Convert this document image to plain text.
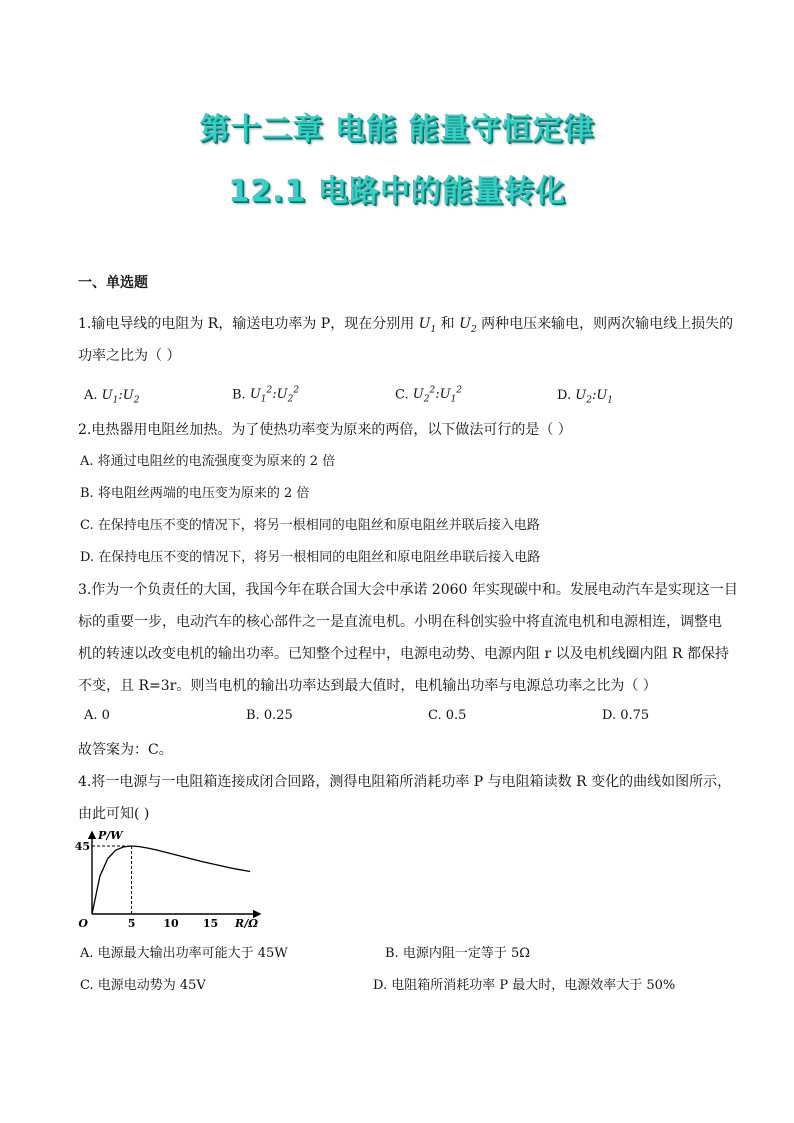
第十二章 电能 能量守恒定律
12.1 电路中的能量转化
一、单选题
1.输电导线的电阻为 R，输送电功率为 P，现在分别用 $U_1$ 和 $U_2$ 两种电压来输电，则两次输电线上损失的
功率之比为（ ）
A. $U_1:U_2$	B. $U_1^2:U_2^2$	C. $U_2^2:U_1^2$	D. $U_2:U_1$
2.电热器用电阻丝加热。为了使热功率变为原来的两倍，以下做法可行的是（ ）
A. 将通过电阻丝的电流强度变为原来的 2 倍
B. 将电阻丝两端的电压变为原来的 2 倍
C. 在保持电压不变的情况下，将另一根相同的电阻丝和原电阻丝并联后接入电路
D. 在保持电压不变的情况下，将另一根相同的电阻丝和原电阻丝串联后接入电路
3.作为一个负责任的大国，我国今年在联合国大会中承诺 2060 年实现碳中和。发展电动汽车是实现这一目
标的重要一步，电动汽车的核心部件之一是直流电机。小明在科创实验中将直流电机和电源相连，调整电
机的转速以改变电机的输出功率。已知整个过程中，电源电动势、电源内阻 r 以及电机线圈内阻 R 都保持
不变，且 R=3r。则当电机的输出功率达到最大值时，电机输出功率与电源总功率之比为（ ）
A. 0	B. 0.25	C. 0.5	D. 0.75
故答案为：C。
4.将一电源与一电阻箱连接成闭合回路，测得电阻箱所消耗功率 P 与电阻箱读数 R 变化的曲线如图所示，
由此可知( )
5	10 15
45
O	R/Ω
P/W
A. 电源最大输出功率可能大于 45W	B. 电源内阻一定等于 5Ω
C. 电源电动势为 45V	D. 电阻箱所消耗功率 P 最大时，电源效率大于 50%
